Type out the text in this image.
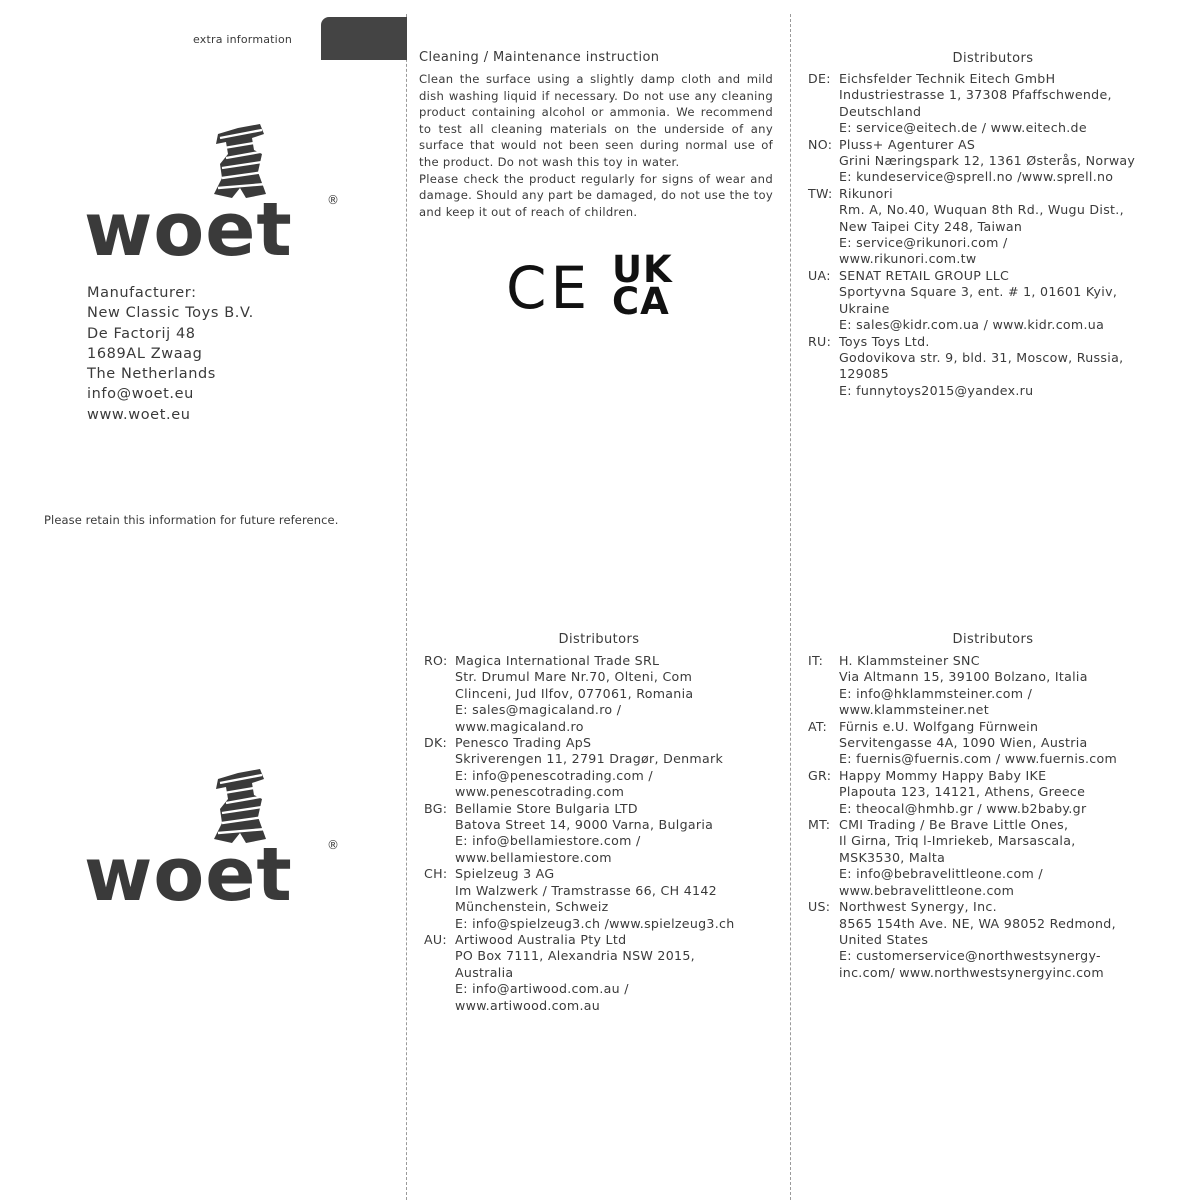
extra information
woet	®
Manufacturer:
New Classic Toys B.V.
De Factorij 48
1689AL Zwaag
The Netherlands
info@woet.eu
www.woet.eu
Please retain this information for future reference.
Cleaning / Maintenance instruction

Clean the surface using a slightly damp cloth and mild dish washing liquid if necessary. Do not use any cleaning product containing alcohol or ammonia. We recommend to test all cleaning materials on the underside of any surface that would not been seen during normal use of the product. Do not wash this toy in water.

Please check the product regularly for signs of wear and damage. Should any part be damaged, do not use the toy and keep it out of reach of children.

CE UK
CA
Distributors
DE: Eichsfelder Technik Eitech GmbH
Industriestrasse 1, 37308 Pfaffschwende,
Deutschland
E: service@eitech.de / www.eitech.de
NO: Pluss+ Agenturer AS
Grini Næringspark 12, 1361 Østerås, Norway
E: kundeservice@sprell.no /www.sprell.no
TW: Rikunori
Rm. A, No.40, Wuquan 8th Rd., Wugu Dist.,
New Taipei City 248, Taiwan
E: service@rikunori.com /
www.rikunori.com.tw
UA: SENAT RETAIL GROUP LLC
Sportyvna Square 3, ent. # 1, 01601 Kyiv,
Ukraine
E: sales@kidr.com.ua / www.kidr.com.ua
RU: Toys Toys Ltd.
Godovikova str. 9, bld. 31, Moscow, Russia,
129085
E: funnytoys2015@yandex.ru
woet	®
Distributors
RO: Magica International Trade SRL
Str. Drumul Mare Nr.70, Olteni, Com
Clinceni, Jud Ilfov, 077061, Romania
E: sales@magicaland.ro /
www.magicaland.ro
DK: Penesco Trading ApS
Skriverengen 11, 2791 Dragør, Denmark
E: info@penescotrading.com /
www.penescotrading.com
BG: Bellamie Store Bulgaria LTD
Batova Street 14, 9000 Varna, Bulgaria
E: info@bellamiestore.com /
www.bellamiestore.com
CH: Spielzeug 3 AG
Im Walzwerk / Tramstrasse 66, CH 4142
Münchenstein, Schweiz
E: info@spielzeug3.ch /www.spielzeug3.ch
AU: Artiwood Australia Pty Ltd
PO Box 7111, Alexandria NSW 2015,
Australia
E: info@artiwood.com.au /
www.artiwood.com.au
Distributors
IT:	H. Klammsteiner SNC
Via Altmann 15, 39100 Bolzano, Italia
E: info@hklammsteiner.com /
www.klammsteiner.net
AT: Fürnis e.U. Wolfgang Fürnwein
Servitengasse 4A, 1090 Wien, Austria
E: fuernis@fuernis.com / www.fuernis.com
GR: Happy Mommy Happy Baby IKE
Plapouta 123, 14121, Athens, Greece
E: theocal@hmhb.gr / www.b2baby.gr
MT: CMI Trading / Be Brave Little Ones,
Il Girna, Triq l-Imriekeb, Marsascala,
MSK3530, Malta
E: info@bebravelittleone.com /
www.bebravelittleone.com
US: Northwest Synergy, Inc.
8565 154th Ave. NE, WA 98052 Redmond,
United States
E: customerservice@northwestsynergy-
inc.com/ www.northwestsynergyinc.com
